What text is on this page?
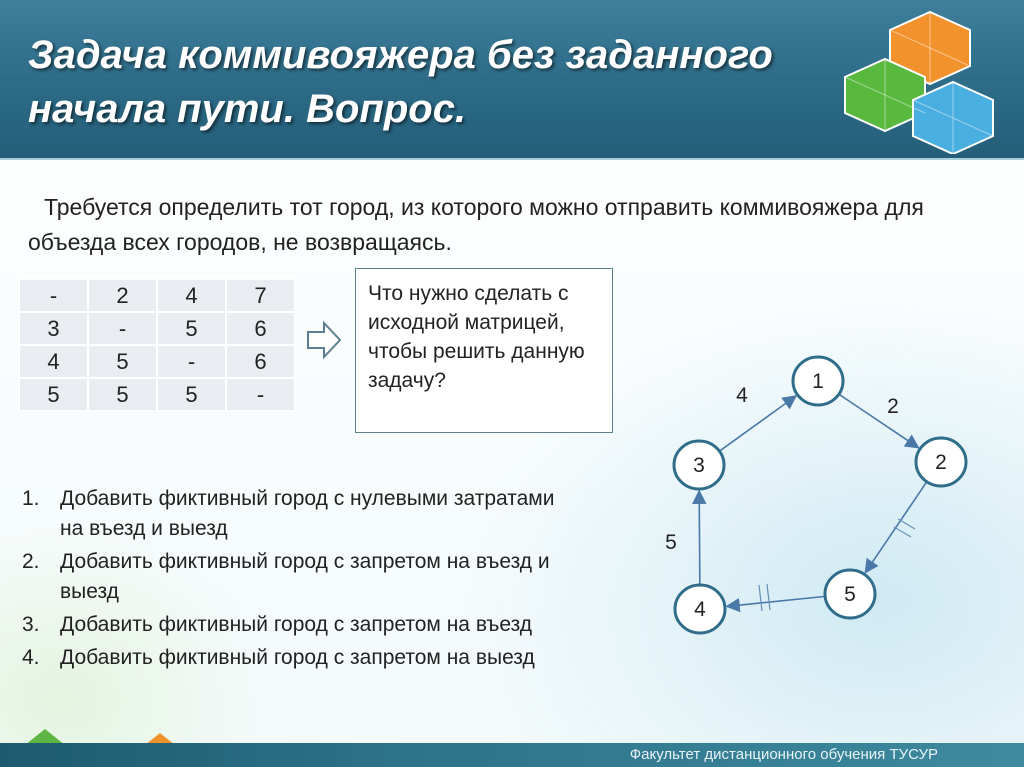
Задача коммивояжера без заданного начала пути. Вопрос.

Требуется определить тот город, из которого можно отправить коммивояжера для объезда всех городов, не возвращаясь.

-	2	4	7
3	-	5	6
4	5	-	6
5	5	5	-
Что нужно сделать с исходной матрицей, чтобы решить данную задачу?
1. Добавить фиктивный город с нулевыми затратами на въезд и выезд
2. Добавить фиктивный город с запретом на въезд и выезд
3. Добавить фиктивный город с запретом на въезд
4. Добавить фиктивный город с запретом на выезд
4	2
5
1
2
3
4
5
Факультет дистанционного обучения ТУСУР
